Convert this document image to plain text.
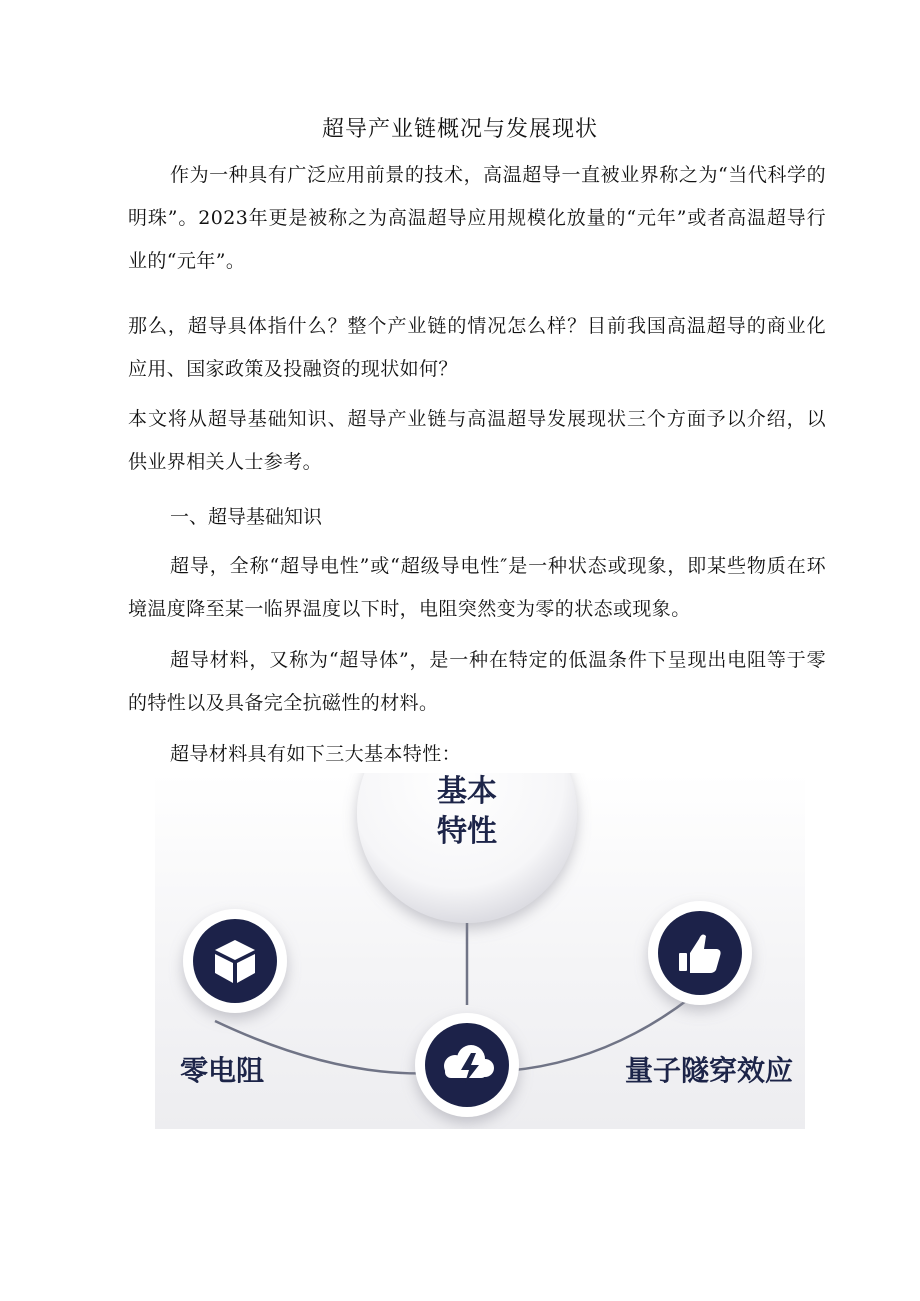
超导产业链概况与发展现状

作为一种具有广泛应用前景的技术，高温超导一直被业界称之为“当代科学的明珠”。2023年更是被称之为高温超导应用规模化放量的“元年”或者高温超导行业的“元年”。

那么，超导具体指什么？整个产业链的情况怎么样？目前我国高温超导的商业化应用、国家政策及投融资的现状如何？

本文将从超导基础知识、超导产业链与高温超导发展现状三个方面予以介绍，以供业界相关人士参考。

一、超导基础知识

超导，全称“超导电性”或“超级导电性″是一种状态或现象，即某些物质在环境温度降至某一临界温度以下时，电阻突然变为零的状态或现象。

超导材料，又称为“超导体”，是一种在特定的低温条件下呈现出电阻等于零的特性以及具备完全抗磁性的材料。

超导材料具有如下三大基本特性：

基本
特性
零电阻	量子隧穿效应
